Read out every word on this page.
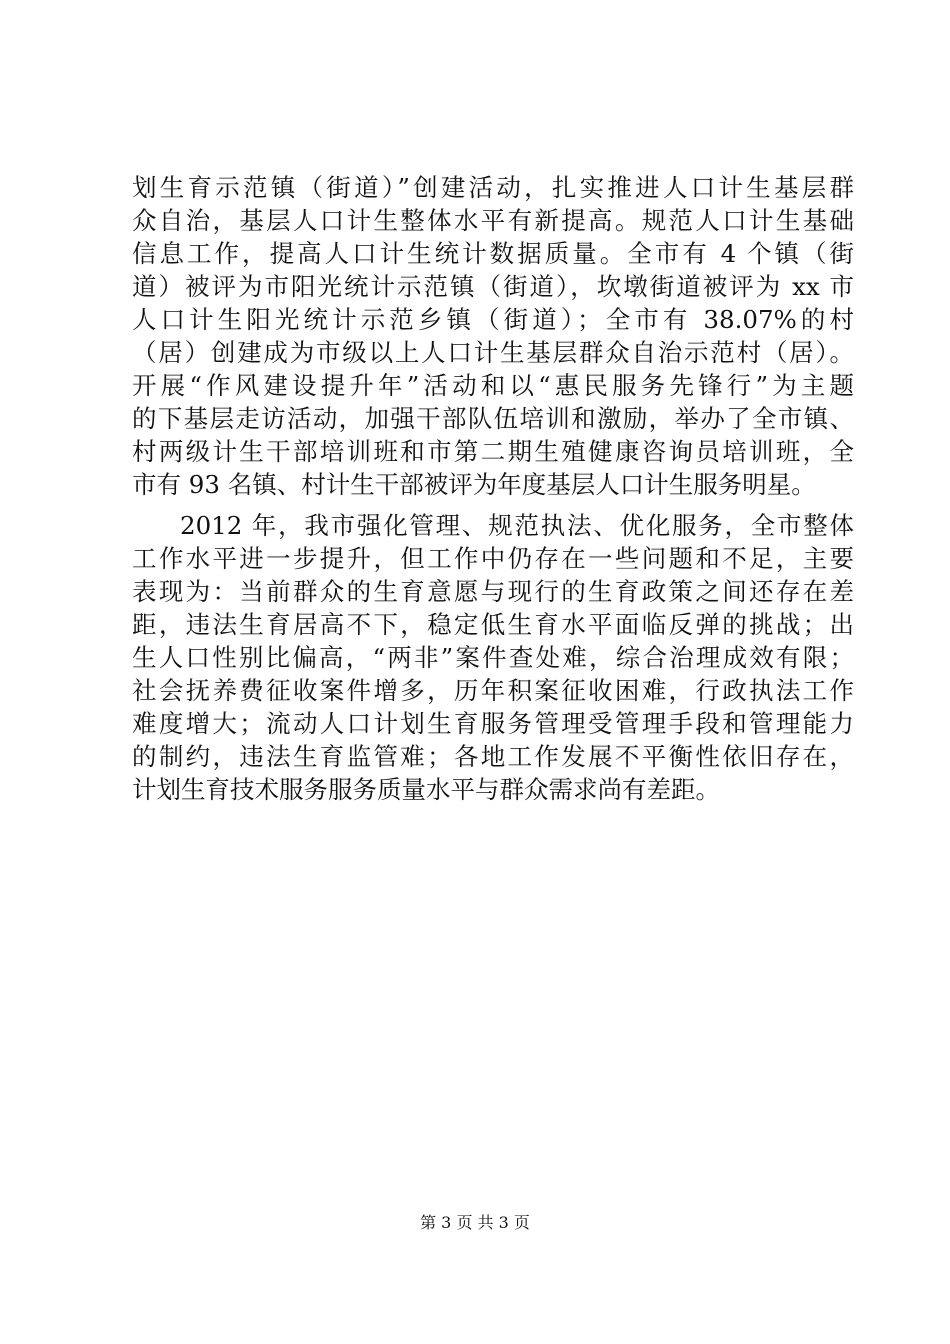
划生育示范镇（街道）”创建活动，扎实推进人口计生基层群
众自治，基层人口计生整体水平有新提高。规范人口计生基础
信息工作，提高人口计生统计数据质量。全市有 4 个镇（街
道）被评为市阳光统计示范镇（街道），坎墩街道被评为 xx 市
人口计生阳光统计示范乡镇（街道）；全市有 38.07%的村
（居）创建成为市级以上人口计生基层群众自治示范村（居）。
开展“作风建设提升年”活动和以“惠民服务先锋行”为主题
的下基层走访活动，加强干部队伍培训和激励，举办了全市镇、
村两级计生干部培训班和市第二期生殖健康咨询员培训班，全
市有 93 名镇、村计生干部被评为年度基层人口计生服务明星。
2012 年，我市强化管理、规范执法、优化服务，全市整体
工作水平进一步提升，但工作中仍存在一些问题和不足，主要
表现为：当前群众的生育意愿与现行的生育政策之间还存在差
距，违法生育居高不下，稳定低生育水平面临反弹的挑战；出
生人口性别比偏高，“两非”案件查处难，综合治理成效有限；
社会抚养费征收案件增多，历年积案征收困难，行政执法工作
难度增大；流动人口计划生育服务管理受管理手段和管理能力
的制约，违法生育监管难；各地工作发展不平衡性依旧存在，
计划生育技术服务服务质量水平与群众需求尚有差距。
第 3 页 共 3 页
